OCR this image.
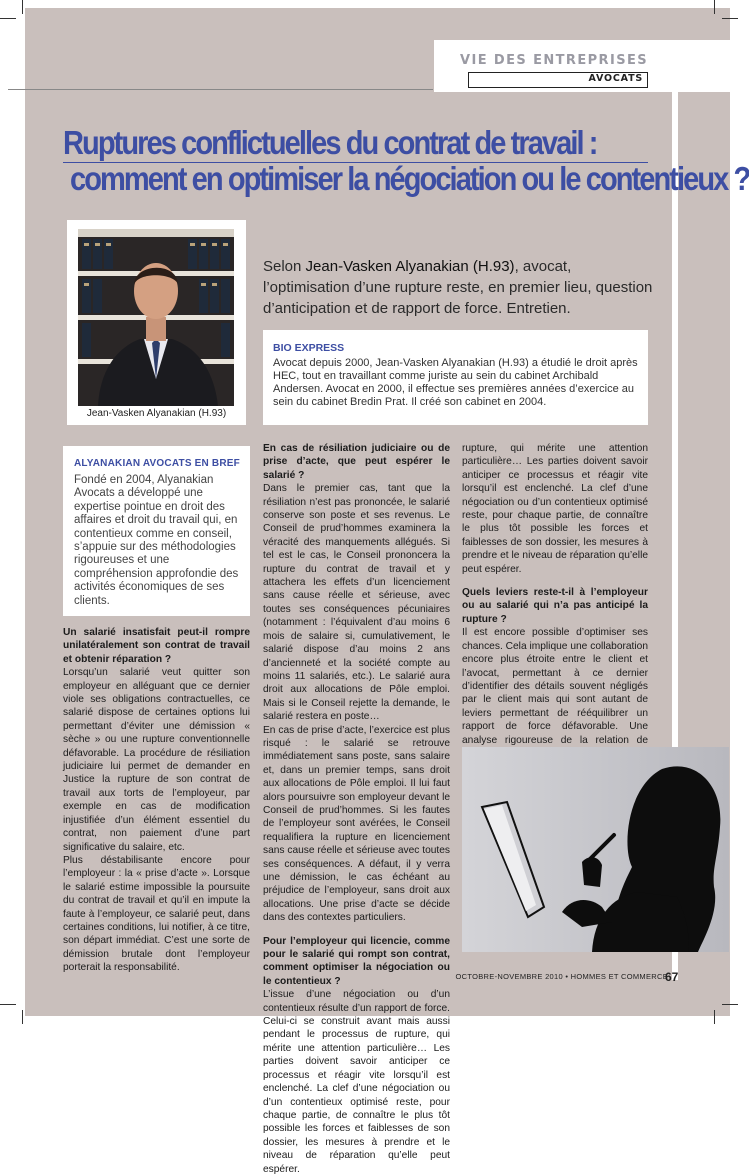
VIE DES ENTREPRISES
AVOCATS
Ruptures conflictuelles du contrat de travail :
comment en optimiser la négociation ou le contentieux ?
Jean-Vasken Alyanakian (H.93)
Selon Jean-Vasken Alyanakian (H.93), avocat, l’optimisation d’une rupture reste, en premier lieu, question d’anticipation et de rapport de force. Entretien.
BIO EXPRESS
Avocat depuis 2000, Jean-Vasken Alyanakian (H.93) a étudié le droit après HEC, tout en travaillant comme juriste au sein du cabinet Archibald Andersen. Avocat en 2000, il effectue ses premières années d’exercice au sein du cabinet Bredin Prat. Il créé son cabinet en 2004.
ALYANAKIAN AVOCATS EN BREF
Fondé en 2004, Alyanakian Avocats a développé une expertise pointue en droit des affaires et droit du travail qui, en contentieux comme en conseil, s’appuie sur des méthodologies rigoureuses et une compréhension approfondie des activités économiques de ses clients.

Un salarié insatisfait peut-il rompre unilatéralement son contrat de travail et obtenir réparation ?

Lorsqu’un salarié veut quitter son employeur en alléguant que ce dernier viole ses obligations contractuelles, ce salarié dispose de certaines options lui permettant d’éviter une démission « sèche » ou une rupture conventionnelle défavorable. La procédure de résiliation judiciaire lui permet de demander en Justice la rupture de son contrat de travail aux torts de l’employeur, par exemple en cas de modification injustifiée d’un élément essentiel du contrat, non paiement d’une part significative du salaire, etc.

Plus déstabilisante encore pour l’employeur : la « prise d’acte ». Lorsque le salarié estime impossible la poursuite du contrat de travail et qu’il en impute la faute à l’employeur, ce salarié peut, dans certaines conditions, lui notifier, à ce titre, son départ immédiat. C’est une sorte de démission brutale dont l’employeur porterait la responsabilité.

En cas de résiliation judiciaire ou de prise d’acte, que peut espérer le salarié ?

Dans le premier cas, tant que la résiliation n’est pas prononcée, le salarié conserve son poste et ses revenus. Le Conseil de prud’hommes examinera la véracité des manquements allégués. Si tel est le cas, le Conseil prononcera la rupture du contrat de travail et y attachera les effets d’un licenciement sans cause réelle et sérieuse, avec toutes ses conséquences pécuniaires (notamment : l’équivalent d’au moins 6 mois de salaire si, cumulativement, le salarié dispose d’au moins 2 ans d’ancienneté et la société compte au moins 11 salariés, etc.). Le salarié aura droit aux allocations de Pôle emploi. Mais si le Conseil rejette la demande, le salarié restera en poste…

En cas de prise d’acte, l’exercice est plus risqué : le salarié se retrouve immédiatement sans poste, sans salaire et, dans un premier temps, sans droit aux allocations de Pôle emploi. Il lui faut alors poursuivre son employeur devant le Conseil de prud’hommes. Si les fautes de l’employeur sont avérées, le Conseil requalifiera la rupture en licenciement sans cause réelle et sérieuse avec toutes ses conséquences. A défaut, il y verra une démission, le cas échéant au préjudice de l’employeur, sans droit aux allocations. Une prise d’acte se décide dans des contextes particuliers.

Pour l’employeur qui licencie, comme pour le salarié qui rompt son contrat, comment optimiser la négociation ou le contentieux ?

L’issue d’une négociation ou d’un contentieux résulte d’un rapport de force. Celui-ci se construit avant mais aussi pendant le processus de rupture, qui mérite une attention particulière… Les parties doivent savoir anticiper ce processus et réagir vite lorsqu’il est enclenché. La clef d’une négociation ou d’un contentieux optimisé reste, pour chaque partie, de connaître le plus tôt possible les forces et faiblesses de son dossier, les mesures à prendre et le niveau de réparation qu’elle peut espérer.

rupture, qui mérite une attention particulière… Les parties doivent savoir anticiper ce processus et réagir vite lorsqu’il est enclenché. La clef d’une négociation ou d’un contentieux optimisé reste, pour chaque partie, de connaître le plus tôt possible les forces et faiblesses de son dossier, les mesures à prendre et le niveau de réparation qu’elle peut espérer.

Quels leviers reste-t-il à l’employeur ou au salarié qui n’a pas anticipé la rupture ?

Il est encore possible d’optimiser ses chances. Cela implique une collaboration encore plus étroite entre le client et l’avocat, permettant à ce dernier d’identifier des détails souvent négligés par le client mais qui sont autant de leviers permettant de rééquilibrer un rapport de force défavorable. Une analyse rigoureuse de la relation de

OCTOBRE-NOVEMBRE 2010 • HOMMES ET COMMERCE
67
